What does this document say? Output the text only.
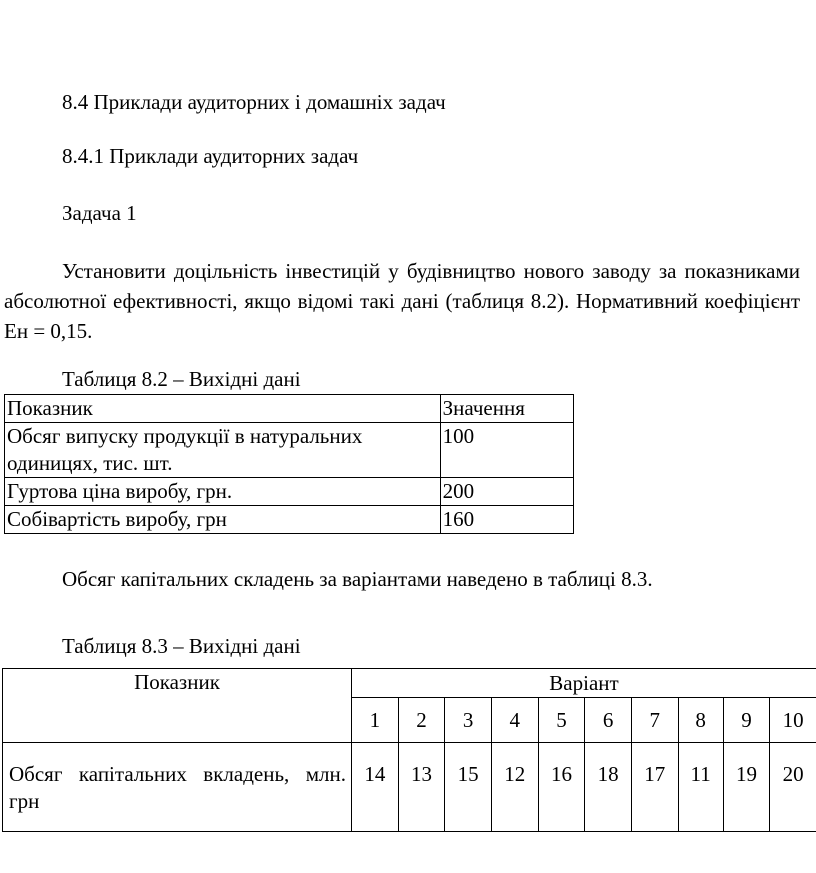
8.4 Приклади аудиторних і домашніх задач
8.4.1 Приклади аудиторних задач
Задача 1
Установити доцільність інвестицій у будівництво нового заводу за показниками абсолютної ефективності, якщо відомі такі дані (таблиця 8.2). Нормативний коефіцієнт Ен = 0,15.
Таблиця 8.2 – Вихідні дані
Показник	Значення
Обсяг випуску продукції в натуральних одиницях, тис. шт.	100
Гуртова ціна виробу, грн.	200
Собівартість виробу, грн	160
Обсяг капітальних складень за варіантами наведено в таблиці 8.3.
Таблиця 8.3 – Вихідні дані
Показник	Варіант									
	1	2	3	4	5	6	7	8	9	10
Обсяг капітальних вкладень, млн. грн	14	13	15	12	16	18	17	11	19	20
